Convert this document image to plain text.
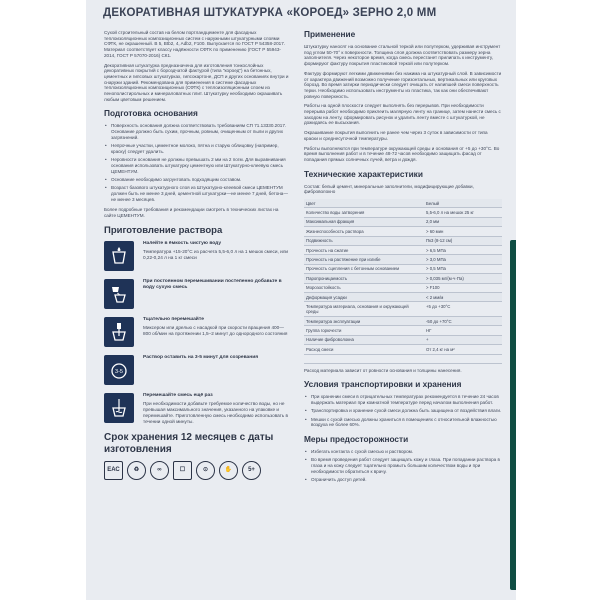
ДЕКОРАТИВНАЯ ШТУКАТУРКА «КОРОЕД» ЗЕРНО 2,0 ММ
Сухой строительный состав на белом портландцементе для фасадных теплоизоляционных композиционных систем с наружными штукатурными слоями СФТК, не окрашенный. В 5, Btb2, 4, Adb2, F100. Выпускается по ГОСТ Р 54358-2017. Материал соответствует классу надёжности СФТК по применению (ГОСТ Р 55943-2014, ГОСТ Р 57070-2016) СК1.
Декоративная штукатурка предназначена для изготовления тонкослойных декоративных покрытий с бороздчатой фактурой (типа "короед") на бетонных, цементных и гипсовых штукатурках, гипсокартоне, ДСП и других основаниях внутри и снаружи зданий. Рекомендована для применения в системе фасадных теплоизоляционных композиционных (СФТК) с теплоизоляционным слоем из пенополистирольных и минераловатных плит. Штукатурку необходимо окрашивать любым цветовым решением.
Подготовка основания
• Поверхность основания должна соответствовать требованиям СП 71.13330.2017. Основание должно быть сухим, прочным, ровным, очищенным от пыли и других загрязнений.
• Непрочные участки, цементное молоко, пятна и старую облицовку (например, краску) следует удалить.
• Неровности основания не должны превышать 2 мм на 2 погм. Для выравнивания основания использовать штукатурку цементную или Штукатурно-клеевую смесь ЦЕМЕНТУМ.
• Основание необходимо загрунтовать подходящим составом.
• Возраст базового штукатурного слоя из Штукатурно-клеевой смеси ЦЕМЕНТУМ должен быть не менее 3 дней, цементной штукатурки—не менее 7 дней, бетона—не менее 3 месяцев.
Более подробные требования и рекомендации смотреть в технических листах на сайте ЦЕМЕНТУМ.
Приготовление раствора
Налейте в ёмкость чистую воду
Температура +15-20°C из расчета 5,5-6,0 л на 1 мешок смеси, или 0,22-0,24 л на 1 кг смеси
При постоянном перемешивании постепенно добавьте в воду сухую смесь
Тщательно перемешайте
Миксером или дрелью с насадкой при скорости вращения 400—800 об/мин на протяжении 1,5–2 минут до однородного состояния
3-5
Раствор оставить на 3-5 минут для созревания
Перемешайте смесь ещё раз
При необходимости добавьте требуемое количество воды, но не превышая максимального значения, указанного на упаковке и перемешайте. Приготовленную смесь необходимо использовать в течении одной минуты.
Срок хранения 12 месяцев с даты изготовления
ЕАС	♻	∞	☐	⊙	✋	5+
Применение
Штукатурку наносят на основание стальной теркой или полутерком, удерживая инструмент под углом 50-70° к поверхности. Толщина слоя должна соответствовать размеру зерна заполнителя. Через некоторое время, когда смесь перестанет прилипать к инструменту, формируют фактуру покрытия пластиковой теркой или полутерком.
Фактуру формируют легкими движениями без нажима на штукатурный слой. В зависимости от характера движений возможно получение горизонтальных, вертикальных или круговых борозд. Во время затирки периодически следует очищать от налипшей смеси поверхность терки. Необходимо использовать инструменты из пластика, так как они обеспечивают ровную поверхность.
Работы на одной плоскости следует выполнять без перерывов. При необходимости перерыва работ необходимо приклеить малярную ленту на границе, затем нанести смесь с заходом на ленту, сформировать рисунок и удалить ленту вместе с штукатуркой, не дожидаясь ее высыхания.
Окрашивание покрытия выполнить не ранее чем через 3 суток в зависимости от типа краски и среднесуточной температуры.
Работы выполняются при температуре окружающей среды и основания от +5 до +30°С. Во время выполнения работ и в течение 48-72 часов необходимо защищать фасад от попадания прямых солнечных лучей, ветра и дождя.
Технические характеристики
Состав: белый цемент, минеральные заполнители, модифицирующие добавки, фиброволокно
Цвет	Белый
Количество воды затворения	5,5-6,0 л на мешок 25 кг
Максимальная фракция	2,0 мм
Жизнеспособность раствора	> 60 мин
Подвижность	Пк3 (8-12 см)
Прочность на сжатие	> 6,5 МПа
Прочность на растяжение при изгибе	> 3,0 МПа
Прочность сцепления с бетонным основанием	> 0,5 МПа
Паропроницаемость	> 0,035 мг/(м·ч·Па)
Морозостойкость	> F100
Деформация усадки	< 2 мм/м
Температура материала, основания и окружающей среды	+5 до +30°C
Температура эксплуатации	-50 до +70°C
Группа горючести	НГ
Наличие фиброволокна	+
Расход смеси	От 2,4 кг на м²
Расход материала зависит от ровности основания и толщины нанесения.
Условия транспортировки и хранения
• При хранении смеси в отрицательных температурах рекомендуется в течение 24 часов выдержать материал при комнатной температуре перед началом выполнения работ.
• Транспортировка и хранение сухой смеси должна быть защищена от воздействия влаги.
• Мешки с сухой смесью должны храниться в помещениях с относительной влажностью воздуха не более 60%.
Меры предосторожности
• Избегать контакта с сухой смесью и раствором.
• Во время проведения работ следует защищать кожу и глаза. При попадании раствора в глаза и на кожу следует тщательно промыть большим количеством воды и при необходимости обратиться к врачу.
• Ограничить доступ детей.
